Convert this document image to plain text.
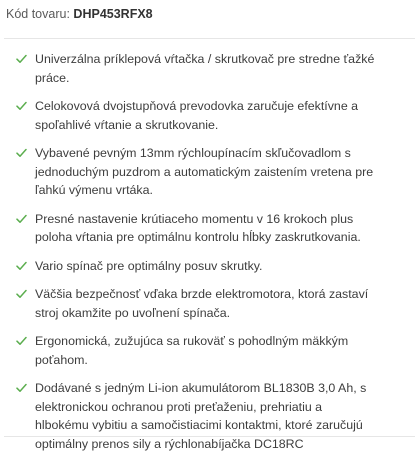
Kód tovaru: DHP453RFX8
Univerzálna príklepová vŕtačka / skrutkovač pre stredne ťažké práce.
Celokovová dvojstupňová prevodovka zaručuje efektívne a spoľahlivé vŕtanie a skrutkovanie.
Vybavené pevným 13mm rýchloupínacím skľučovadlom s jednoduchým puzdrom a automatickým zaistením vretena pre ľahkú výmenu vrtáka.
Presné nastavenie krútiaceho momentu v 16 krokoch plus poloha vŕtania pre optimálnu kontrolu hĺbky zaskrutkovania.
Vario spínač pre optimálny posuv skrutky.
Väčšia bezpečnosť vďaka brzde elektromotora, ktorá zastaví stroj okamžite po uvoľnení spínača.
Ergonomická, zužujúca sa rukoväť s pohodlným mäkkým poťahom.
Dodávané s jedným Li-ion akumulátorom BL1830B 3,0 Ah, s elektronickou ochranou proti preťaženiu, prehriatiu a hlbokému vybitiu a samočistiacimi kontaktmi, ktoré zaručujú optimálny prenos sily a rýchlonabíjačka DC18RC
